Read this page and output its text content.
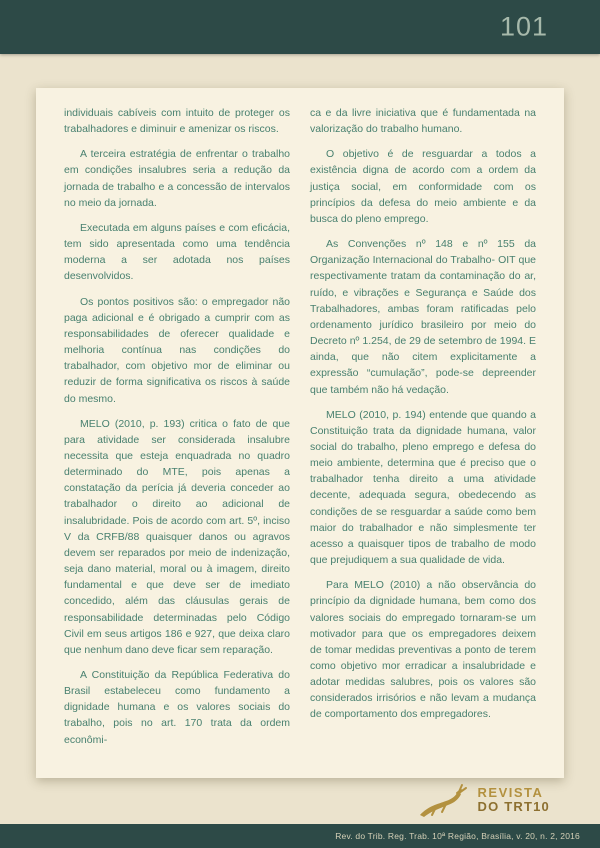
101

individuais cabíveis com intuito de proteger os trabalhadores e diminuir e amenizar os riscos.

A terceira estratégia de enfrentar o trabalho em condições insalubres seria a redução da jornada de trabalho e a concessão de intervalos no meio da jornada.

Executada em alguns países e com eficácia, tem sido apresentada como uma tendência moderna a ser adotada nos países desenvolvidos.

Os pontos positivos são: o empregador não paga adicional e é obrigado a cumprir com as responsabilidades de oferecer qualidade e melhoria contínua nas condições do trabalhador, com objetivo mor de eliminar ou reduzir de forma significativa os riscos à saúde do mesmo.

MELO (2010, p. 193) critica o fato de que para atividade ser considerada insalubre necessita que esteja enquadrada no quadro determinado do MTE, pois apenas a constatação da perícia já deveria conceder ao trabalhador o direito ao adicional de insalubridade. Pois de acordo com art. 5º, inciso V da CRFB/88 quaisquer danos ou agravos devem ser reparados por meio de indenização, seja dano material, moral ou à imagem, direito fundamental e que deve ser de imediato concedido, além das cláusulas gerais de responsabilidade determinadas pelo Código Civil em seus artigos 186 e 927, que deixa claro que nenhum dano deve ficar sem reparação.

A Constituição da República Federativa do Brasil estabeleceu como fundamento a dignidade humana e os valores sociais do trabalho, pois no art. 170 trata da ordem econômi-

ca e da livre iniciativa que é fundamentada na valorização do trabalho humano.

O objetivo é de resguardar a todos a existência digna de acordo com a ordem da justiça social, em conformidade com os princípios da defesa do meio ambiente e da busca do pleno emprego.

As Convenções nº 148 e nº 155 da Organização Internacional do Trabalho- OIT que respectivamente tratam da contaminação do ar, ruído, e vibrações e Segurança e Saúde dos Trabalhadores, ambas foram ratificadas pelo ordenamento jurídico brasileiro por meio do Decreto nº 1.254, de 29 de setembro de 1994. E ainda, que não citem explicitamente a expressão “cumulação”, pode-se depreender que também não há vedação.

MELO (2010, p. 194) entende que quando a Constituição trata da dignidade humana, valor social do trabalho, pleno emprego e defesa do meio ambiente, determina que é preciso que o trabalhador tenha direito a uma atividade decente, adequada segura, obedecendo as condições de se resguardar a saúde como bem maior do trabalhador e não simplesmente ter acesso a quaisquer tipos de trabalho de modo que prejudiquem a sua qualidade de vida.

Para MELO (2010) a não observância do princípio da dignidade humana, bem como dos valores sociais do empregado tornaram-se um motivador para que os empregadores deixem de tomar medidas preventivas a ponto de terem como objetivo mor erradicar a insalubridade e adotar medidas salubres, pois os valores são considerados irrisórios e não levam a mudança de comportamento dos empregadores.

REVISTA
DO TRT10
Rev. do Trib. Reg. Trab. 10ª Região, Brasília, v. 20, n. 2, 2016
